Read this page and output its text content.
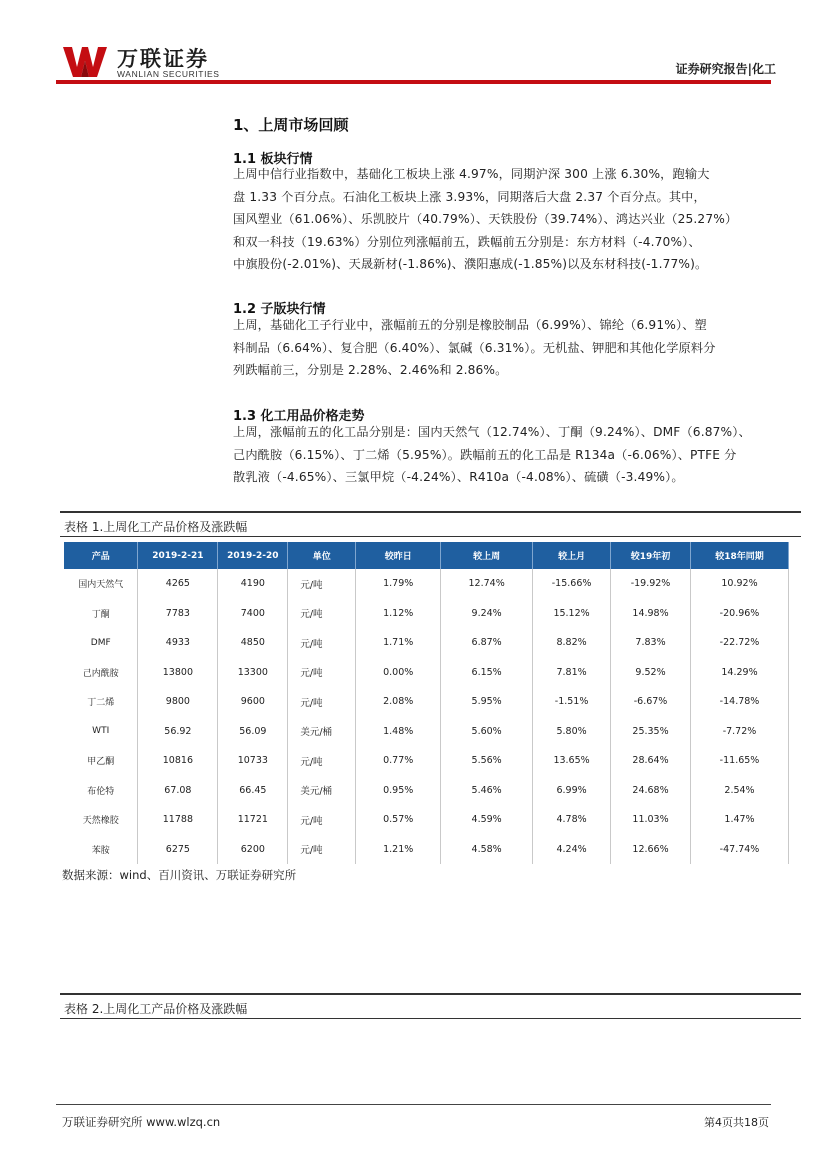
万联证券
WANLIAN SECURITIES	证券研究报告|化工
1、上周市场回顾
1.1 板块行情
上周中信行业指数中，基础化工板块上涨 4.97%，同期沪深 300 上涨 6.30%，跑输大
盘 1.33 个百分点。石油化工板块上涨 3.93%，同期落后大盘 2.37 个百分点。其中，
国风塑业（61.06%）、乐凯胶片（40.79%）、天铁股份（39.74%）、鸿达兴业（25.27%）
和双一科技（19.63%）分别位列涨幅前五，跌幅前五分别是：东方材料（-4.70%）、
中旗股份(-2.01%)、天晟新材(-1.86%)、濮阳惠成(-1.85%)以及东材科技(-1.77%)。
1.2 子版块行情
上周，基础化工子行业中，涨幅前五的分别是橡胶制品（6.99%）、锦纶（6.91%）、塑
料制品（6.64%）、复合肥（6.40%）、氯碱（6.31%）。无机盐、钾肥和其他化学原料分
列跌幅前三，分别是 2.28%、2.46%和 2.86%。
1.3 化工用品价格走势
上周，涨幅前五的化工品分别是：国内天然气（12.74%）、丁酮（9.24%）、DMF（6.87%）、
己内酰胺（6.15%）、丁二烯（5.95%）。跌幅前五的化工品是 R134a（-6.06%）、PTFE 分
散乳液（-4.65%）、三氯甲烷（-4.24%）、R410a（-4.08%）、硫磺（-3.49%）。
表格 1.上周化工产品价格及涨跌幅
产品	2019-2-21	2019-2-20	单位	较昨日	较上周	较上月	较19年初	较18年同期
国内天然气	4265	4190	元/吨	1.79%	12.74%	-15.66%	-19.92%	10.92%
丁酮	7783	7400	元/吨	1.12%	9.24%	15.12%	14.98%	-20.96%
DMF	4933	4850	元/吨	1.71%	6.87%	8.82%	7.83%	-22.72%
己内酰胺	13800	13300	元/吨	0.00%	6.15%	7.81%	9.52%	14.29%
丁二烯	9800	9600	元/吨	2.08%	5.95%	-1.51%	-6.67%	-14.78%
WTI	56.92	56.09	美元/桶	1.48%	5.60%	5.80%	25.35%	-7.72%
甲乙酮	10816	10733	元/吨	0.77%	5.56%	13.65%	28.64%	-11.65%
布伦特	67.08	66.45	美元/桶	0.95%	5.46%	6.99%	24.68%	2.54%
天然橡胶	11788	11721	元/吨	0.57%	4.59%	4.78%	11.03%	1.47%
苯胺	6275	6200	元/吨	1.21%	4.58%	4.24%	12.66%	-47.74%
数据来源：wind、百川资讯、万联证券研究所
表格 2.上周化工产品价格及涨跌幅
万联证券研究所 www.wlzq.cn	第4页共18页
